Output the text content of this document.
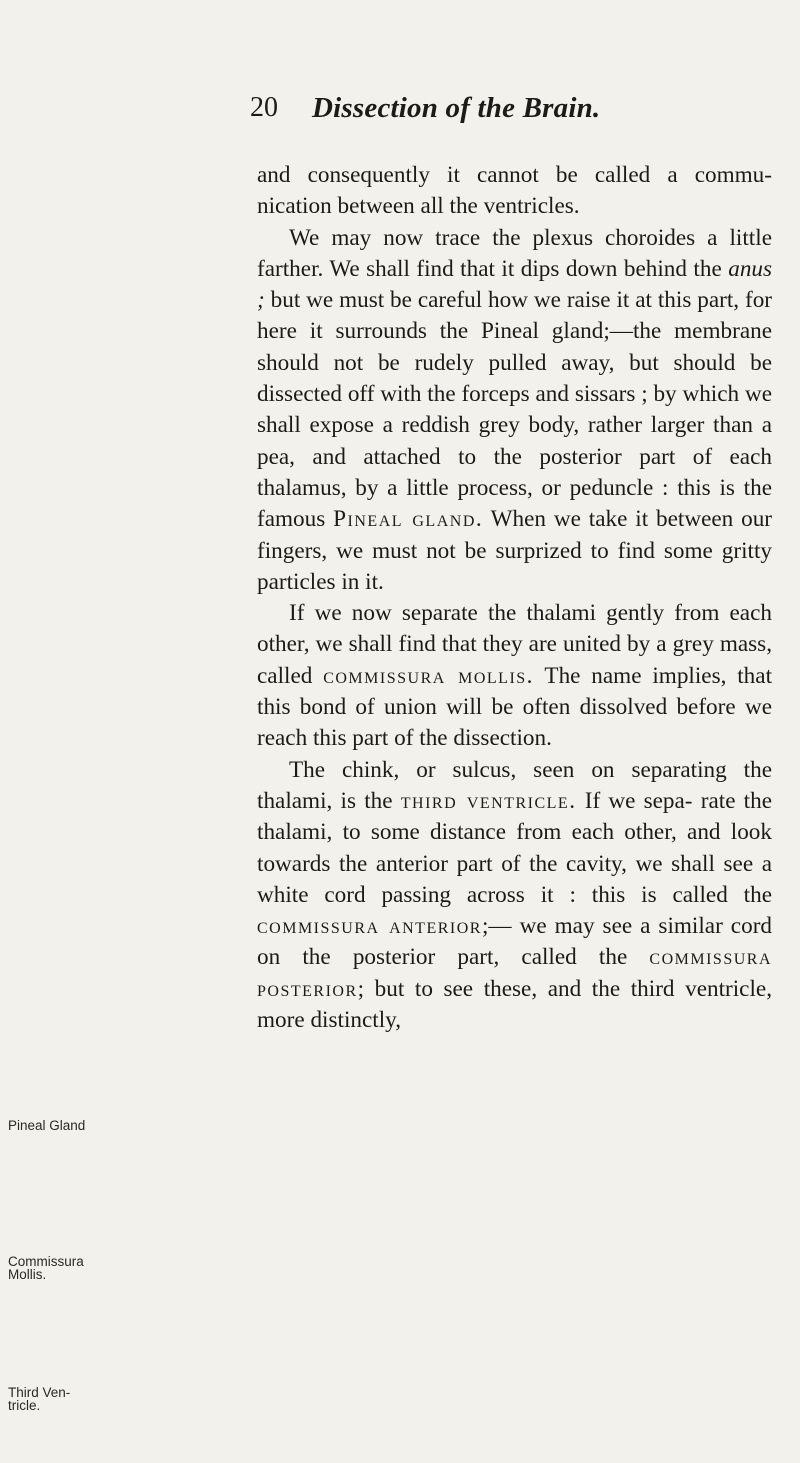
20 Dissection of the Brain.

and consequently it cannot be called a commu- nication between all the ventricles.

We may now trace the plexus choroides a little farther. We shall find that it dips down behind the anus ; but we must be careful how we raise it at this part, for here it surrounds the Pineal gland;—the membrane should not be rudely pulled away, but should be dissected off with the forceps and sissars ; by which we shall expose a reddish grey body, rather larger than a pea, and attached to the posterior part of each thalamus, by a little process, or peduncle : this is the famous Pineal gland. When we take it between our fingers, we must not be surprized to find some gritty particles in it.

If we now separate the thalami gently from each other, we shall find that they are united by a grey mass, called commissura mollis. The name implies, that this bond of union will be often dissolved before we reach this part of the dissection.

The chink, or sulcus, seen on separating the thalami, is the third ventricle. If we sepa- rate the thalami, to some distance from each other, and look towards the anterior part of the cavity, we shall see a white cord passing across it : this is called the commissura anterior;— we may see a similar cord on the posterior part, called the commissura posterior; but to see these, and the third ventricle, more distinctly,

Pineal Gland
Commissura
Mollis.
Third Ven-
tricle.
